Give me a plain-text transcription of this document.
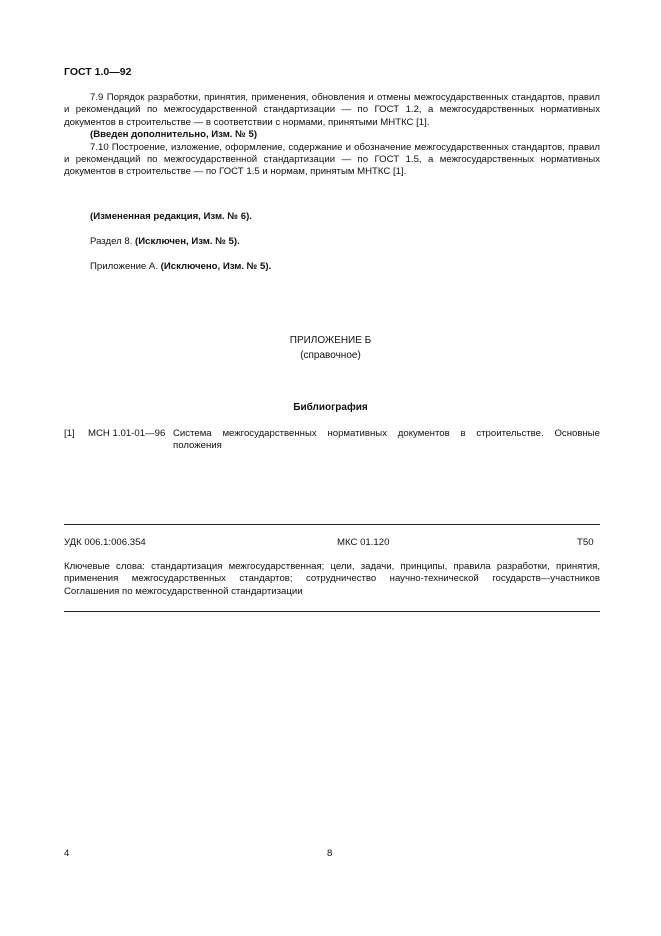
ГОСТ 1.0—92

7.9 Порядок разработки, принятия, применения, обновления и отмены межгосударственных стандартов, правил и рекомендаций по межгосударственной стандартизации — по ГОСТ 1.2, а межгосударственных нормативных документов в строительстве — в соответствии с нормами, принятыми МНТКС [1].

(Введен дополнительно, Изм. № 5)

7.10 Построение, изложение, оформление, содержание и обозначение межгосударственных стандартов, правил и рекомендаций по межгосударственной стандартизации — по ГОСТ 1.5, а межгосударственных нормативных документов в строительстве — по ГОСТ 1.5 и нормам, принятым МНТКС [1].

(Измененная редакция, Изм. № 6).
Раздел 8. (Исключен, Изм. № 5).
Приложение А. (Исключено, Изм. № 5).
ПРИЛОЖЕНИЕ Б
(справочное)
Библиография
[1] МСН 1.01-01—96 Система межгосударственных нормативных документов в строительстве. Основные положения
УДК 006.1:006.354	МКС 01.120	Т50
Ключевые слова: стандартизация межгосударственная; цели, задачи, принципы, правила разработки, принятия, применения межгосударственных стандартов; сотрудничество научно-технической государств—участников Соглашения по межгосударственной стандартизации
4	8
